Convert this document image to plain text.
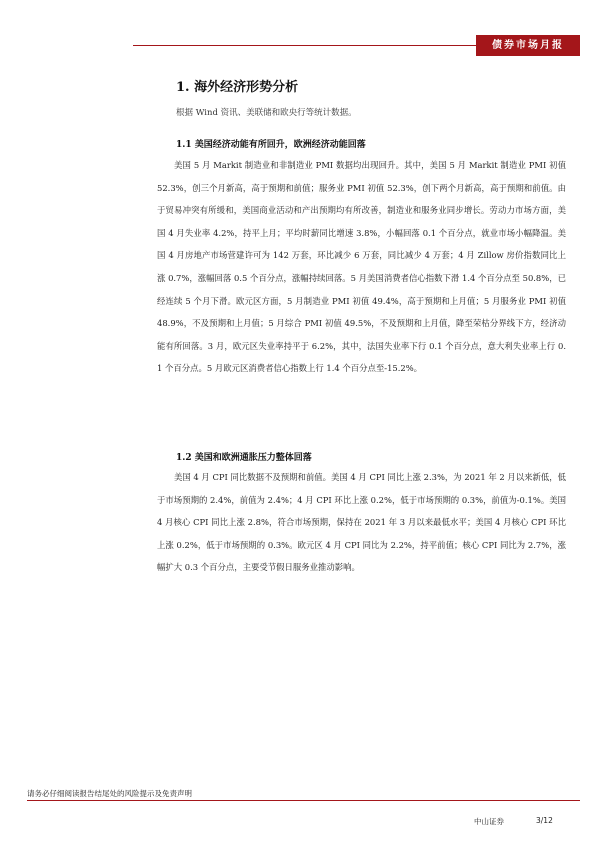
债券市场月报
1. 海外经济形势分析

根据 Wind 资讯、美联储和欧央行等统计数据。

1.1 美国经济动能有所回升，欧洲经济动能回落

美国 5 月 Markit 制造业和非制造业 PMI 数据均出现回升。其中，美国 5 月 Markit 制造业 PMI 初值 52.3%，创三个月新高，高于预期和前值；服务业 PMI 初值 52.3%，创下两个月新高，高于预期和前值。由于贸易冲突有所缓和，美国商业活动和产出预期均有所改善，制造业和服务业同步增长。劳动力市场方面，美国 4 月失业率 4.2%，持平上月；平均时薪同比增速 3.8%，小幅回落 0.1 个百分点，就业市场小幅降温。美国 4 月房地产市场营建许可为 142 万套，环比减少 6 万套，同比减少 4 万套；4 月 Zillow 房价指数同比上涨 0.7%，涨幅回落 0.5 个百分点，涨幅持续回落。5 月美国消费者信心指数下滑 1.4 个百分点至 50.8%，已经连续 5 个月下滑。欧元区方面，5 月制造业 PMI 初值 49.4%，高于预期和上月值；5 月服务业 PMI 初值 48.9%，不及预期和上月值；5 月综合 PMI 初值 49.5%，不及预期和上月值，降至荣枯分界线下方，经济动能有所回落。3 月，欧元区失业率持平于 6.2%，其中，法国失业率下行 0.1 个百分点，意大利失业率上行 0.1 个百分点。5 月欧元区消费者信心指数上行 1.4 个百分点至-15.2%。

1.2 美国和欧洲通胀压力整体回落

美国 4 月 CPI 同比数据不及预期和前值。美国 4 月 CPI 同比上涨 2.3%，为 2021 年 2 月以来新低，低于市场预期的 2.4%，前值为 2.4%；4 月 CPI 环比上涨 0.2%，低于市场预期的 0.3%，前值为-0.1%。美国 4 月核心 CPI 同比上涨 2.8%，符合市场预期，保持在 2021 年 3 月以来最低水平；美国 4 月核心 CPI 环比上涨 0.2%，低于市场预期的 0.3%。欧元区 4 月 CPI 同比为 2.2%，持平前值；核心 CPI 同比为 2.7%，涨幅扩大 0.3 个百分点，主要受节假日服务业推动影响。

请务必仔细阅读报告结尾处的风险提示及免责声明
中山证券	3/12
